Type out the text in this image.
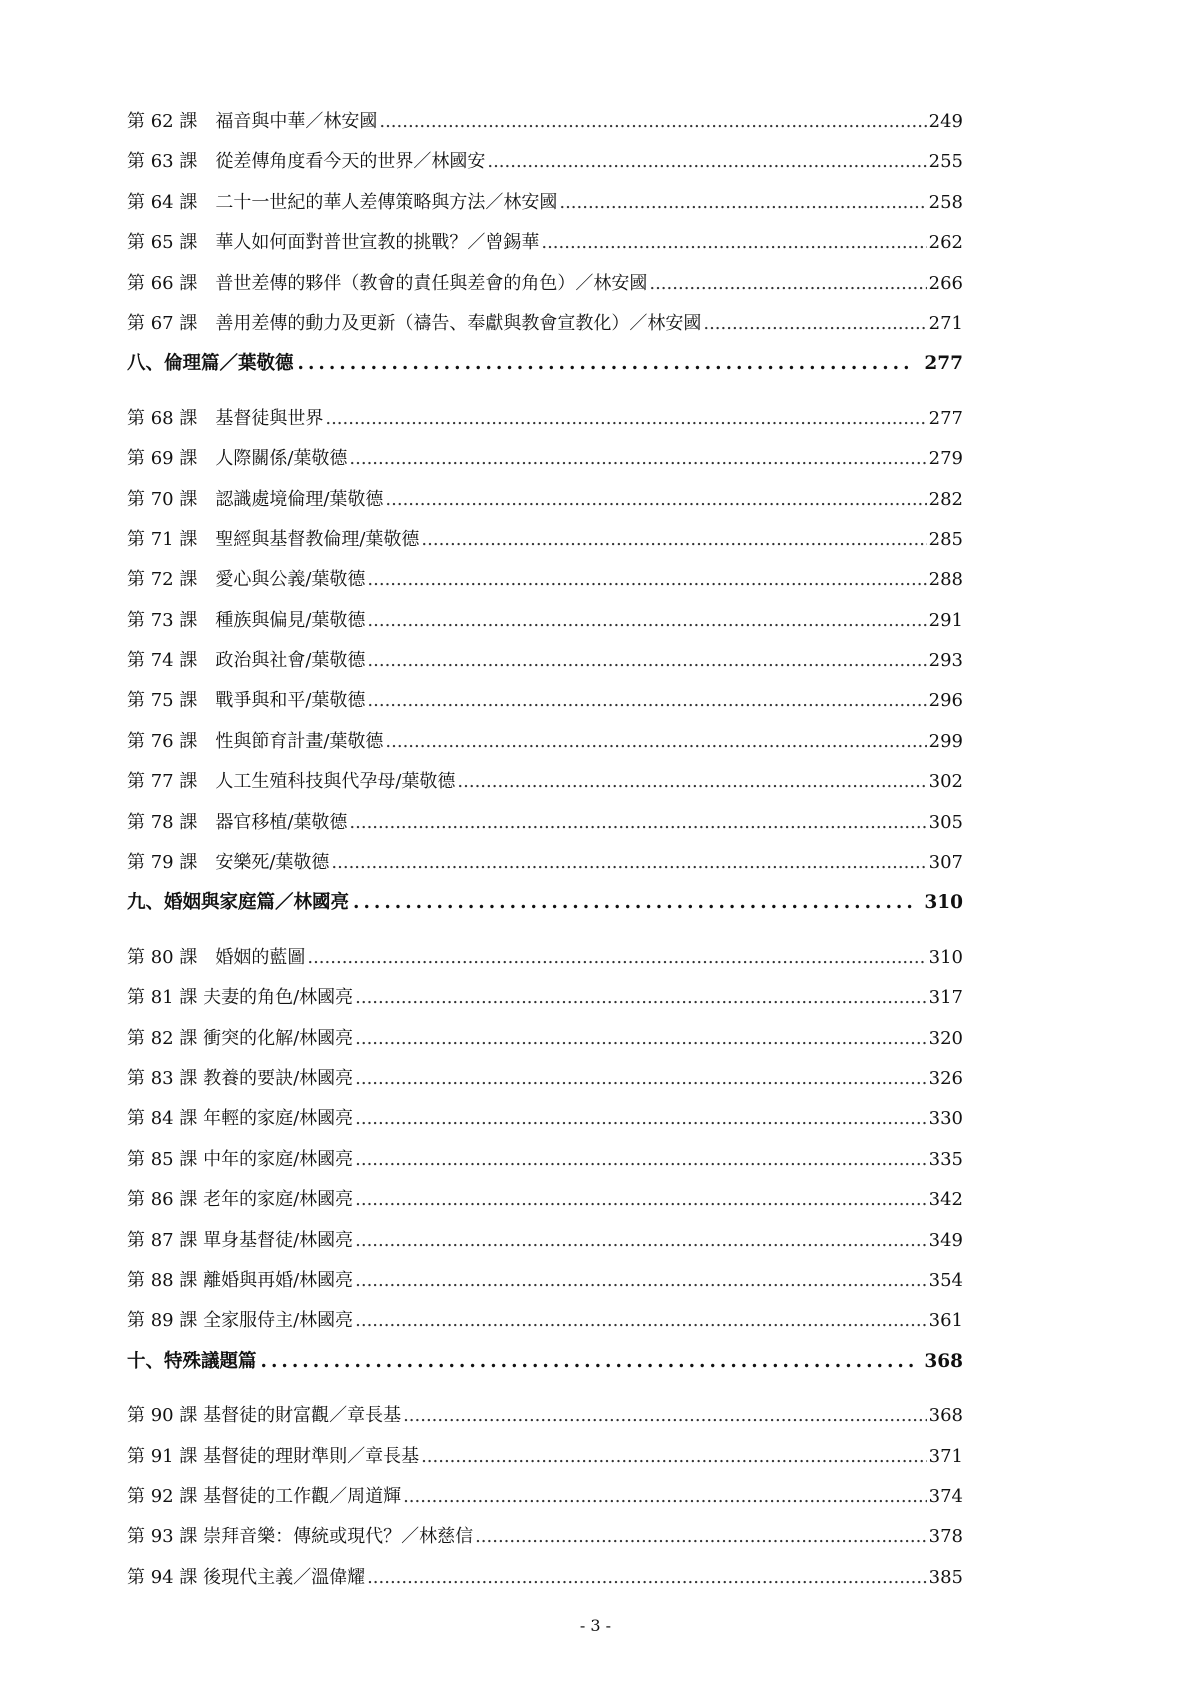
第 62 課　福音與中華／林安國 .....	249
第 63 課　從差傳角度看今天的世界／林國安 .....	255
第 64 課　二十一世紀的華人差傳策略與方法／林安國 .....	258
第 65 課　華人如何面對普世宣教的挑戰？／曾錫華 .....	262
第 66 課　普世差傳的夥伴（教會的責任與差會的角色）／林安國 .....	266
第 67 課　善用差傳的動力及更新（禱告、奉獻與教會宣教化）／林安國 .....	271
八、倫理篇／葉敬德 .....	277
第 68 課　基督徒與世界 .....	277
第 69 課　人際關係/葉敬德 .....	279
第 70 課　認識處境倫理/葉敬德 .....	282
第 71 課　聖經與基督教倫理/葉敬德 .....	285
第 72 課　愛心與公義/葉敬德 .....	288
第 73 課　種族與偏見/葉敬德 .....	291
第 74 課　政治與社會/葉敬德 .....	293
第 75 課　戰爭與和平/葉敬德 .....	296
第 76 課　性與節育計畫/葉敬德 .....	299
第 77 課　人工生殖科技與代孕母/葉敬德 .....	302
第 78 課　器官移植/葉敬德 .....	305
第 79 課　安樂死/葉敬德 .....	307
九、婚姻與家庭篇／林國亮 .....	310
第 80 課　婚姻的藍圖 .....	310
第 81 課 夫妻的角色/林國亮 .....	317
第 82 課 衝突的化解/林國亮 .....	320
第 83 課 教養的要訣/林國亮 .....	326
第 84 課 年輕的家庭/林國亮 .....	330
第 85 課 中年的家庭/林國亮 .....	335
第 86 課 老年的家庭/林國亮 .....	342
第 87 課 單身基督徒/林國亮 .....	349
第 88 課 離婚與再婚/林國亮 .....	354
第 89 課 全家服侍主/林國亮 .....	361
十、特殊議題篇 .....	368
第 90 課 基督徒的財富觀／章長基 .....	368
第 91 課 基督徒的理財準則／章長基 .....	371
第 92 課 基督徒的工作觀／周道輝 .....	374
第 93 課 崇拜音樂：傳統或現代？／林慈信 .....	378
第 94 課 後現代主義／溫偉耀 .....	385
- 3 -
